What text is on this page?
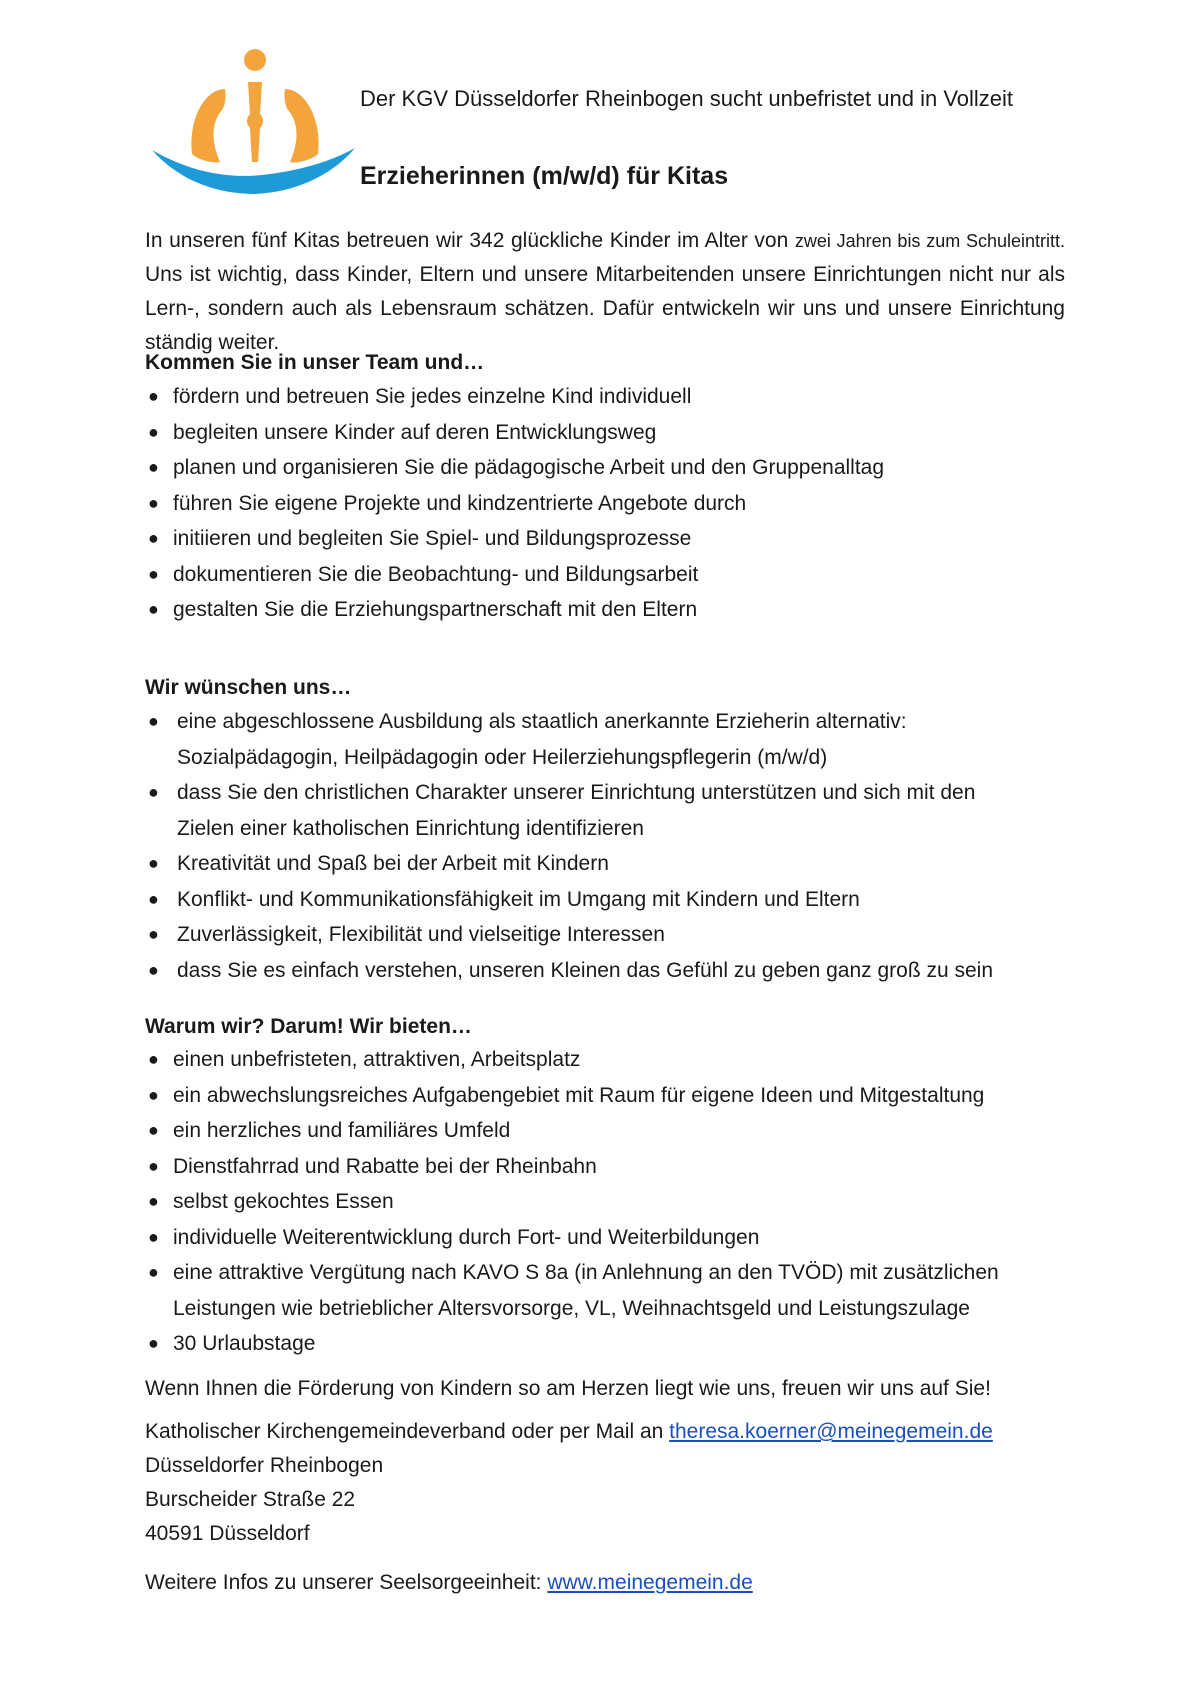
Der KGV Düsseldorfer Rheinbogen sucht unbefristet und in Vollzeit
Erzieherinnen (m/w/d) für Kitas

In unseren fünf Kitas betreuen wir 342 glückliche Kinder im Alter von zwei Jahren bis zum Schuleintritt. Uns ist wichtig, dass Kinder, Eltern und unsere Mitarbeitenden unsere Einrichtungen nicht nur als Lern-, sondern auch als Lebensraum schätzen. Dafür entwickeln wir uns und unsere Einrichtung ständig weiter.

Kommen Sie in unser Team und…
● fördern und betreuen Sie jedes einzelne Kind individuell
● begleiten unsere Kinder auf deren Entwicklungsweg
● planen und organisieren Sie die pädagogische Arbeit und den Gruppenalltag
● führen Sie eigene Projekte und kindzentrierte Angebote durch
● initiieren und begleiten Sie Spiel- und Bildungsprozesse
● dokumentieren Sie die Beobachtung- und Bildungsarbeit
● gestalten Sie die Erziehungspartnerschaft mit den Eltern
Wir wünschen uns…
● eine abgeschlossene Ausbildung als staatlich anerkannte Erzieherin alternativ:
Sozialpädagogin, Heilpädagogin oder Heilerziehungspflegerin (m/w/d)
● dass Sie den christlichen Charakter unserer Einrichtung unterstützen und sich mit den
Zielen einer katholischen Einrichtung identifizieren
● Kreativität und Spaß bei der Arbeit mit Kindern
● Konflikt- und Kommunikationsfähigkeit im Umgang mit Kindern und Eltern
● Zuverlässigkeit, Flexibilität und vielseitige Interessen
● dass Sie es einfach verstehen, unseren Kleinen das Gefühl zu geben ganz groß zu sein
Warum wir? Darum! Wir bieten…
● einen unbefristeten, attraktiven, Arbeitsplatz
● ein abwechslungsreiches Aufgabengebiet mit Raum für eigene Ideen und Mitgestaltung
● ein herzliches und familiäres Umfeld
● Dienstfahrrad und Rabatte bei der Rheinbahn
● selbst gekochtes Essen
● individuelle Weiterentwicklung durch Fort- und Weiterbildungen
● eine attraktive Vergütung nach KAVO S 8a (in Anlehnung an den TVÖD) mit zusätzlichen
Leistungen wie betrieblicher Altersvorsorge, VL, Weihnachtsgeld und Leistungszulage
● 30 Urlaubstage

Wenn Ihnen die Förderung von Kindern so am Herzen liegt wie uns, freuen wir uns auf Sie!

Katholischer Kirchengemeindeverband oder per Mail an theresa.koerner@meinegemein.de
Düsseldorfer Rheinbogen
Burscheider Straße 22
40591 Düsseldorf

Weitere Infos zu unserer Seelsorgeeinheit: www.meinegemein.de
